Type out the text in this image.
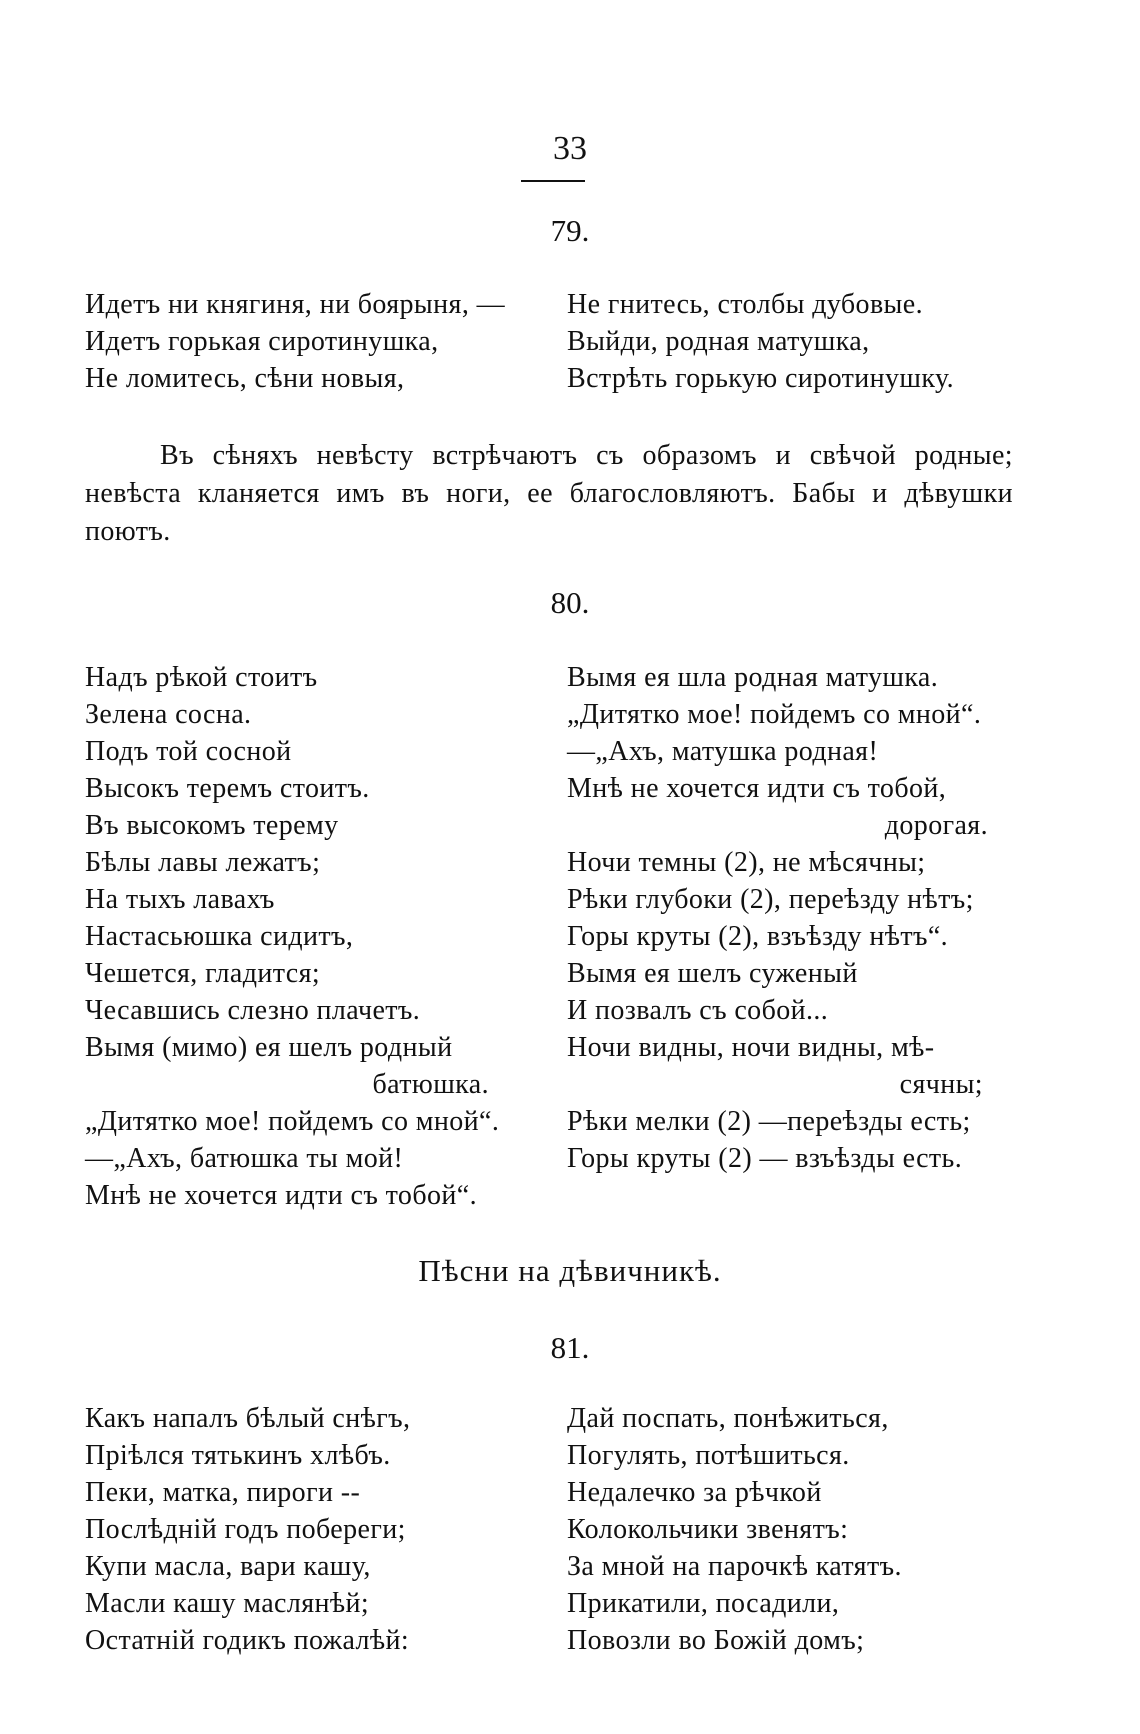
33
79.
Идетъ ни княгиня, ни боярыня, —
Идетъ горькая сиротинушка,
Не ломитесь, сѣни новыя,
Не гнитесь, столбы дубовые.
Выйди, родная матушка,
Встрѣть горькую сиротинушку.
Въ сѣняхъ невѣсту встрѣчаютъ съ образомъ и свѣчой родные; невѣста кланяется имъ въ ноги, ее благословляютъ. Бабы и дѣвушки поютъ.
80.
Надъ рѣкой стоитъ
Зелена сосна.
Подъ той сосной
Высокъ теремъ стоитъ.
Въ высокомъ терему
Бѣлы лавы лежатъ;
На тыхъ лавахъ
Настасьюшка сидитъ,
Чешется, гладится;
Чесавшись слезно плачетъ.
Вымя (мимо) ея шелъ родный
батюшка.
„Дитятко мое! пойдемъ со мной“.
—„Ахъ, батюшка ты мой!
Мнѣ не хочется идти съ тобой“.
Вымя ея шла родная матушка.
„Дитятко мое! пойдемъ со мной“.
—„Ахъ, матушка родная!
Мнѣ не хочется идти съ тобой,
дорогая.
Ночи темны (2), не мѣсячны;
Рѣки глубоки (2), переѣзду нѣтъ;
Горы круты (2), взъѣзду нѣтъ“.
Вымя ея шелъ суженый
И позвалъ съ собой...
Ночи видны, ночи видны, мѣ-
сячны;
Рѣки мелки (2) —переѣзды есть;
Горы круты (2) — взъѣзды есть.
Пѣсни на дѣвичникѣ.
81.
Какъ напалъ бѣлый снѣгъ,
Прiѣлся тятькинъ хлѣбъ.
Пеки, матка, пироги --
Послѣднiй годъ побереги;
Купи масла, вари кашу,
Масли кашу маслянѣй;
Остатнiй годикъ пожалѣй:
Дай поспать, понѣжиться,
Погулять, потѣшиться.
Недалечко за рѣчкой
Колокольчики звенятъ:
За мной на парочкѣ катятъ.
Прикатили, посадили,
Повозли во Божiй домъ;
